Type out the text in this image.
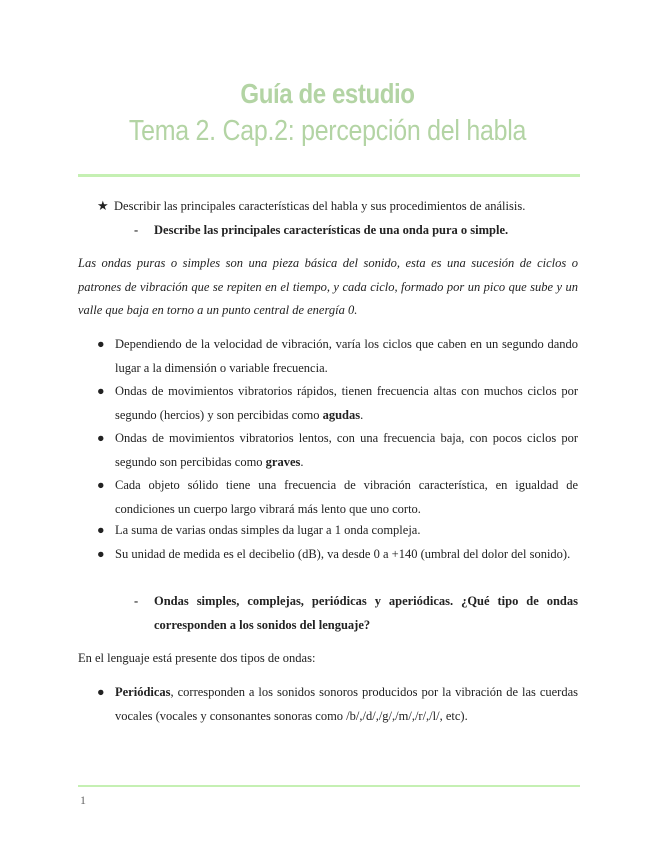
Guía de estudio
Tema 2. Cap.2: percepción del habla
★ Describir las principales características del habla y sus procedimientos de análisis.
- Describe las principales características de una onda pura o simple.
Las ondas puras o simples son una pieza básica del sonido, esta es una sucesión de ciclos o patrones de vibración que se repiten en el tiempo, y cada ciclo, formado por un pico que sube y un valle que baja en torno a un punto central de energía 0.
● Dependiendo de la velocidad de vibración, varía los ciclos que caben en un segundo dando lugar a la dimensión o variable frecuencia.
● Ondas de movimientos vibratorios rápidos, tienen frecuencia altas con muchos ciclos por segundo (hercios) y son percibidas como agudas.
● Ondas de movimientos vibratorios lentos, con una frecuencia baja, con pocos ciclos por segundo son percibidas como graves.
● Cada objeto sólido tiene una frecuencia de vibración característica, en igualdad de condiciones un cuerpo largo vibrará más lento que uno corto.
● La suma de varias ondas simples da lugar a 1 onda compleja.
● Su unidad de medida es el decibelio (dB), va desde 0 a +140 (umbral del dolor del sonido).
- Ondas simples, complejas, periódicas y aperiódicas. ¿Qué tipo de ondas corresponden a los sonidos del lenguaje?
En el lenguaje está presente dos tipos de ondas:
● Periódicas, corresponden a los sonidos sonoros producidos por la vibración de las cuerdas vocales (vocales y consonantes sonoras como /b/,/d/,/g/,/m/,/r/,/l/, etc).
1
